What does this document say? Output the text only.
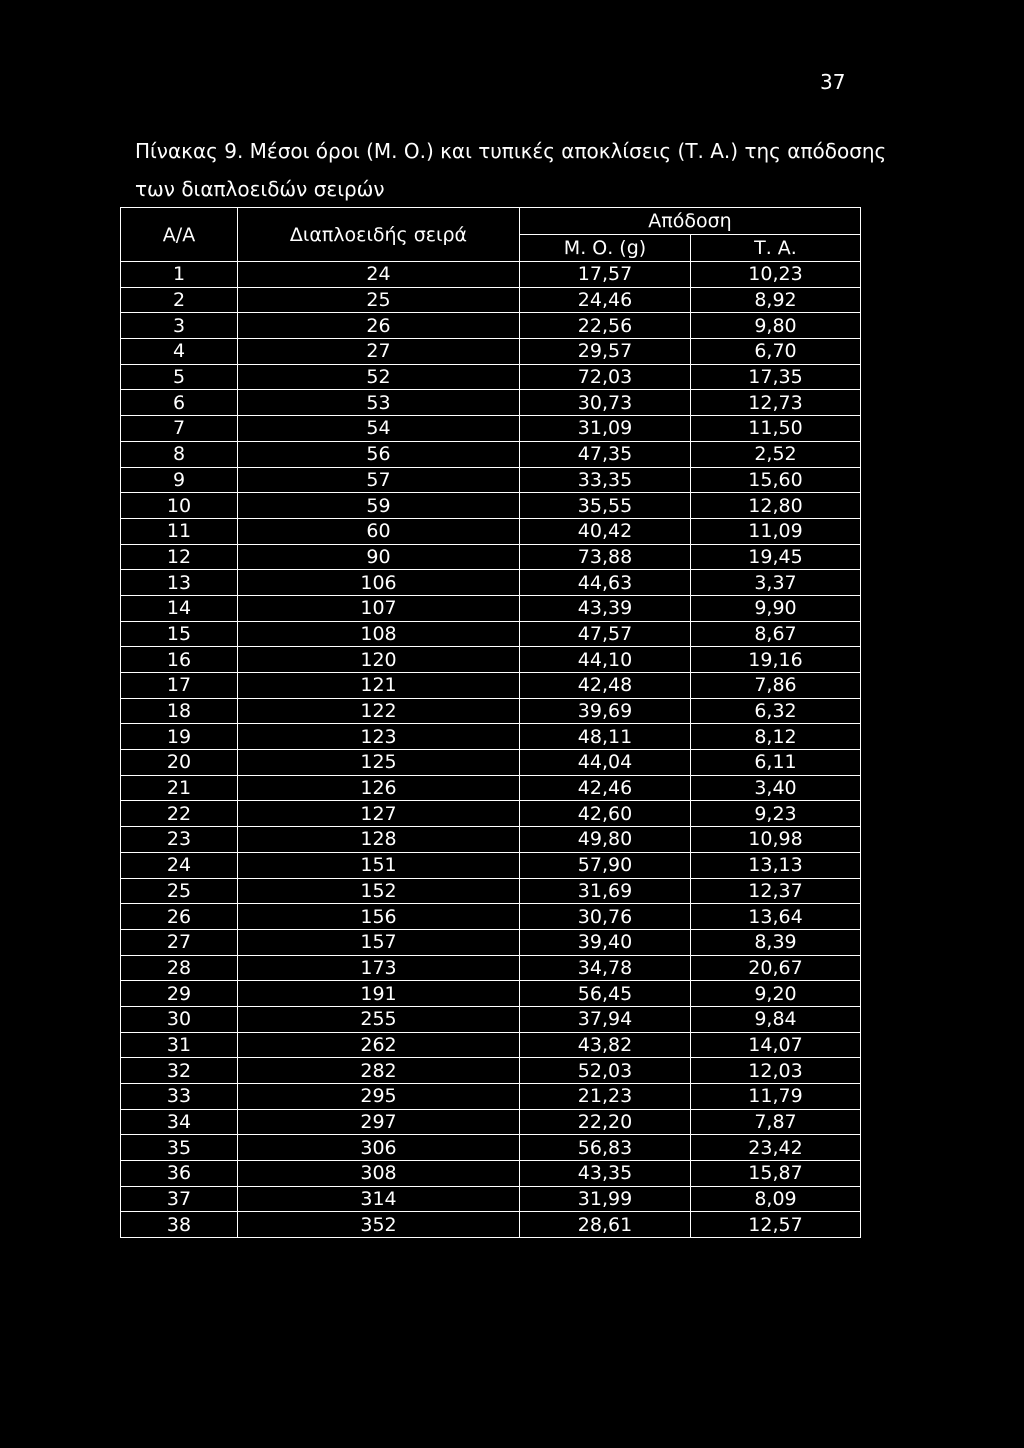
37
Πίνακας 9. Μέσοι όροι (Μ. Ο.) και τυπικές αποκλίσεις (Τ. Α.) της απόδοσης
των διαπλοειδών σειρών
Α/Α	Διαπλοειδής σειρά	Απόδοση	
		Μ. Ο. (g)	Τ. Α.
1	24	17,57	10,23
2	25	24,46	8,92
3	26	22,56	9,80
4	27	29,57	6,70
5	52	72,03	17,35
6	53	30,73	12,73
7	54	31,09	11,50
8	56	47,35	2,52
9	57	33,35	15,60
10	59	35,55	12,80
11	60	40,42	11,09
12	90	73,88	19,45
13	106	44,63	3,37
14	107	43,39	9,90
15	108	47,57	8,67
16	120	44,10	19,16
17	121	42,48	7,86
18	122	39,69	6,32
19	123	48,11	8,12
20	125	44,04	6,11
21	126	42,46	3,40
22	127	42,60	9,23
23	128	49,80	10,98
24	151	57,90	13,13
25	152	31,69	12,37
26	156	30,76	13,64
27	157	39,40	8,39
28	173	34,78	20,67
29	191	56,45	9,20
30	255	37,94	9,84
31	262	43,82	14,07
32	282	52,03	12,03
33	295	21,23	11,79
34	297	22,20	7,87
35	306	56,83	23,42
36	308	43,35	15,87
37	314	31,99	8,09
38	352	28,61	12,57
